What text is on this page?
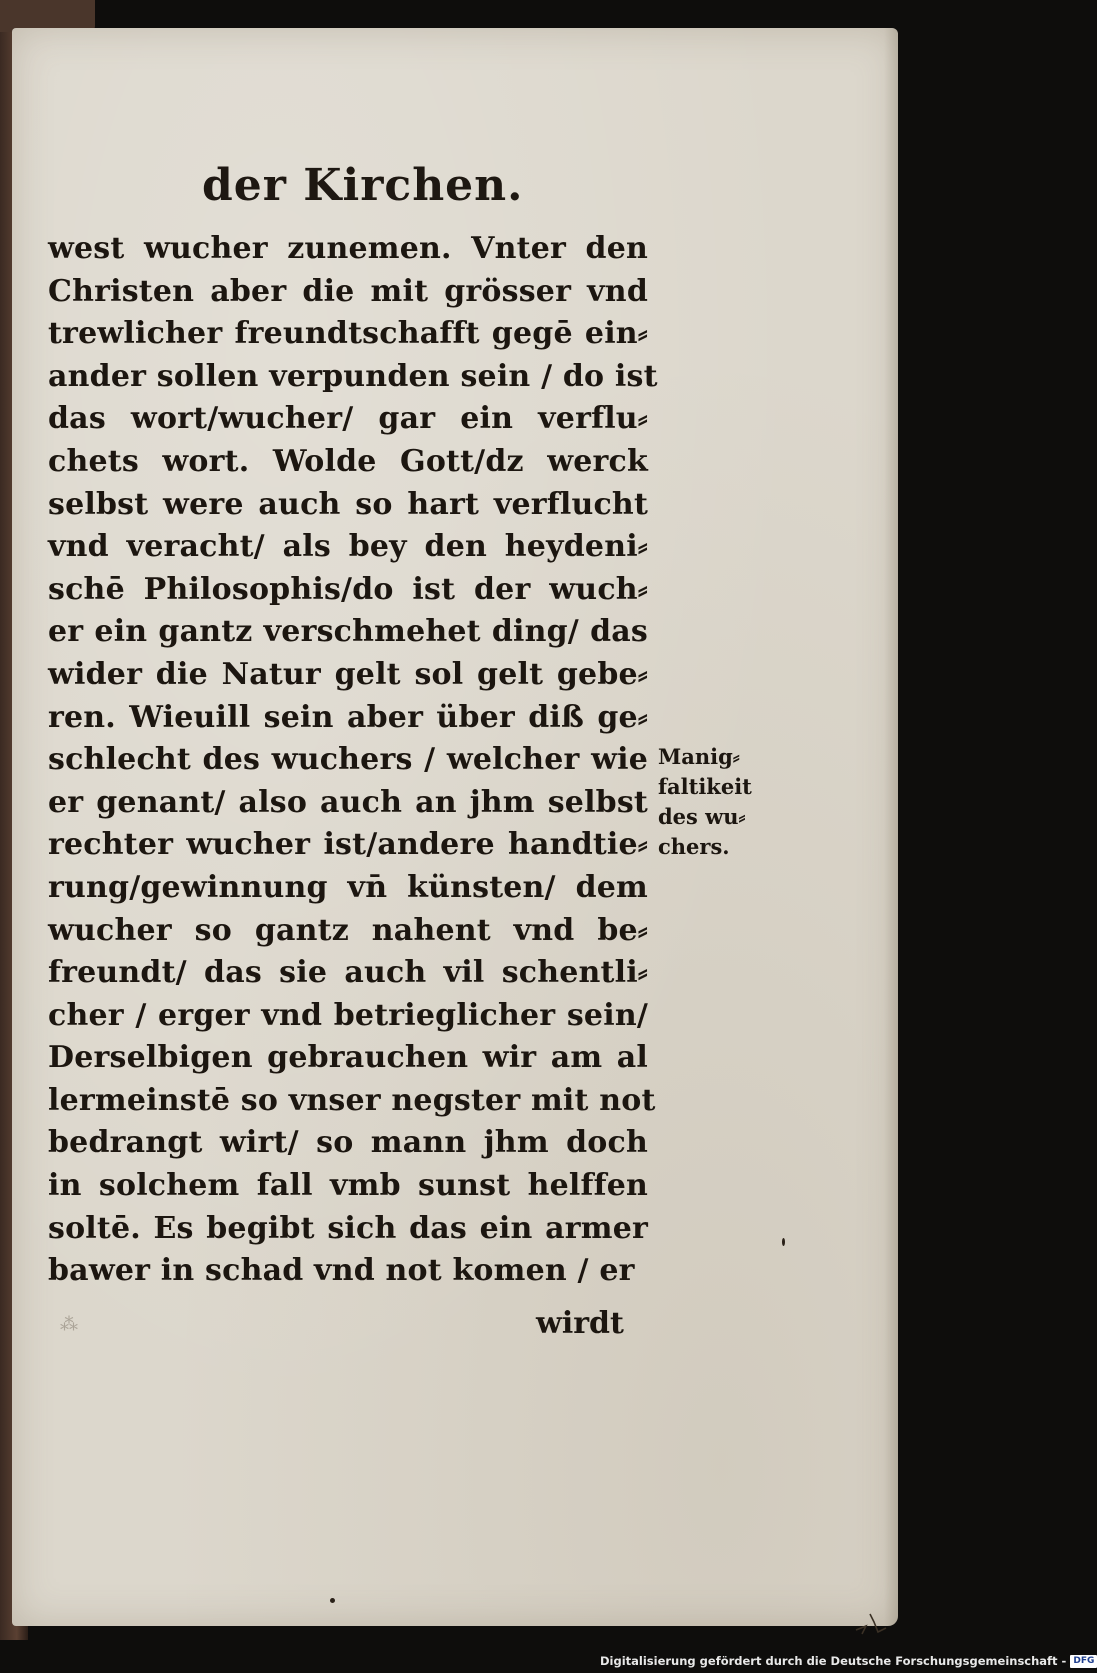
der Kirchen.
west wucher zunemen. Vnter den
Christen aber die mit grösser vnd
trewlicher freundtschafft gegē ein⸗
ander sollen verpunden sein / do ist
das wort/wucher/ gar ein verflu⸗
chets wort. Wolde Gott/dz werck
selbst were auch so hart verflucht
vnd veracht/ als bey den heydeni⸗
schē Philosophis/do ist der wuch⸗
er ein gantz verschmehet ding/ das
wider die Natur gelt sol gelt gebe⸗
ren. Wieuill sein aber über diß ge⸗
schlecht des wuchers / welcher wie
er genant/ also auch an jhm selbst
rechter wucher ist/andere handtie⸗
rung/gewinnung vn̄ künsten/ dem
wucher so gantz nahent vnd be⸗
freundt/ das sie auch vil schentli⸗
cher / erger vnd betrieglicher sein/
Derselbigen gebrauchen wir am al
lermeinstē so vnser negster mit not
bedrangt wirt/ so mann jhm doch
in solchem fall vmb sunst helffen
soltē. Es begibt sich das ein armer
bawer in schad vnd not komen / er
⁂	wirdt
Manig⸗
faltikeit
des wu⸗
chers.
Digitalisierung gefördert durch die Deutsche Forschungsgemeinschaft - DFG
